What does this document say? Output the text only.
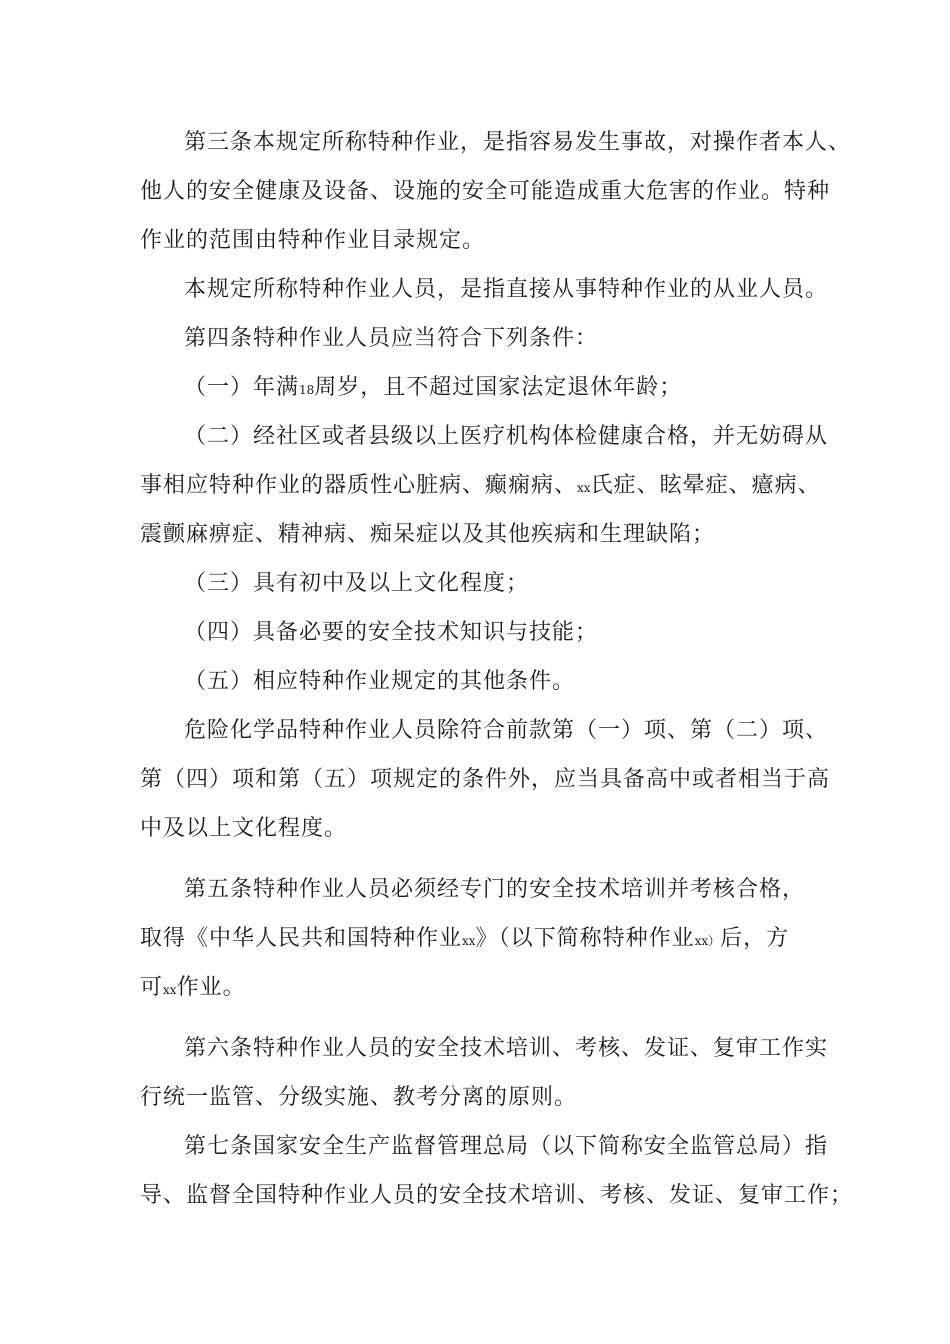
第三条本规定所称特种作业，是指容易发生事故，对操作者本人、
他人的安全健康及设备、设施的安全可能造成重大危害的作业。特种
作业的范围由特种作业目录规定。
本规定所称特种作业人员，是指直接从事特种作业的从业人员。
第四条特种作业人员应当符合下列条件：
（一）年满18周岁，且不超过国家法定退休年龄；
（二）经社区或者县级以上医疗机构体检健康合格，并无妨碍从
事相应特种作业的器质性心脏病、癫痫病、xx氏症、眩晕症、癔病、
震颤麻痹症、精神病、痴呆症以及其他疾病和生理缺陷；
（三）具有初中及以上文化程度；
（四）具备必要的安全技术知识与技能；
（五）相应特种作业规定的其他条件。
危险化学品特种作业人员除符合前款第（一）项、第（二）项、
第（四）项和第（五）项规定的条件外，应当具备高中或者相当于高
中及以上文化程度。
第五条特种作业人员必须经专门的安全技术培训并考核合格，
取得《中华人民共和国特种作业xx》（以下简称特种作业xx）后，方
可xx作业。
第六条特种作业人员的安全技术培训、考核、发证、复审工作实
行统一监管、分级实施、教考分离的原则。
第七条国家安全生产监督管理总局（以下简称安全监管总局）指
导、监督全国特种作业人员的安全技术培训、考核、发证、复审工作；
